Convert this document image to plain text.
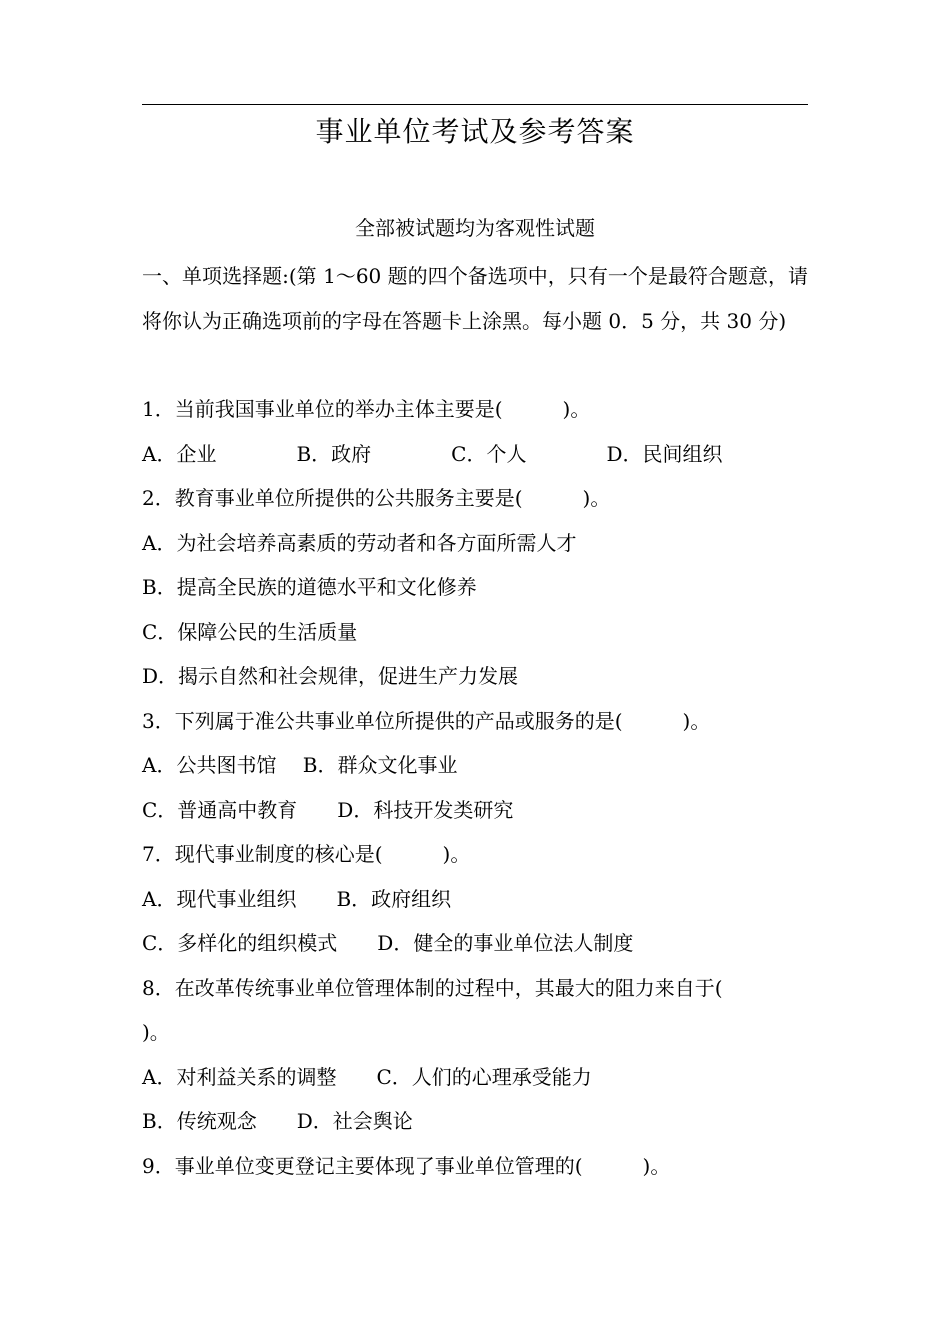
事业单位考试及参考答案
全部被试题均为客观性试题
一、单项选择题:(第 1～60 题的四个备选项中，只有一个是最符合题意，请将你认为正确选项前的字母在答题卡上涂黑。每小题 0．5 分，共 30 分)
1．当前我国事业单位的举办主体主要是(　　　)。
A．企业　　　　B．政府　　　　C．个人　　　　D．民间组织
2．教育事业单位所提供的公共服务主要是(　　　)。
A．为社会培养高素质的劳动者和各方面所需人才
B．提高全民族的道德水平和文化修养
C．保障公民的生活质量
D．揭示自然和社会规律，促进生产力发展
3．下列属于准公共事业单位所提供的产品或服务的是(　　　)。
A．公共图书馆　 B．群众文化事业
C．普通高中教育　　D．科技开发类研究
7．现代事业制度的核心是(　　　)。
A．现代事业组织　　B．政府组织
C．多样化的组织模式　　D．健全的事业单位法人制度
8．在改革传统事业单位管理体制的过程中，其最大的阻力来自于(　　　)。
A．对利益关系的调整　　C．人们的心理承受能力
B．传统观念　　D．社会舆论
9．事业单位变更登记主要体现了事业单位管理的(　　　)。
